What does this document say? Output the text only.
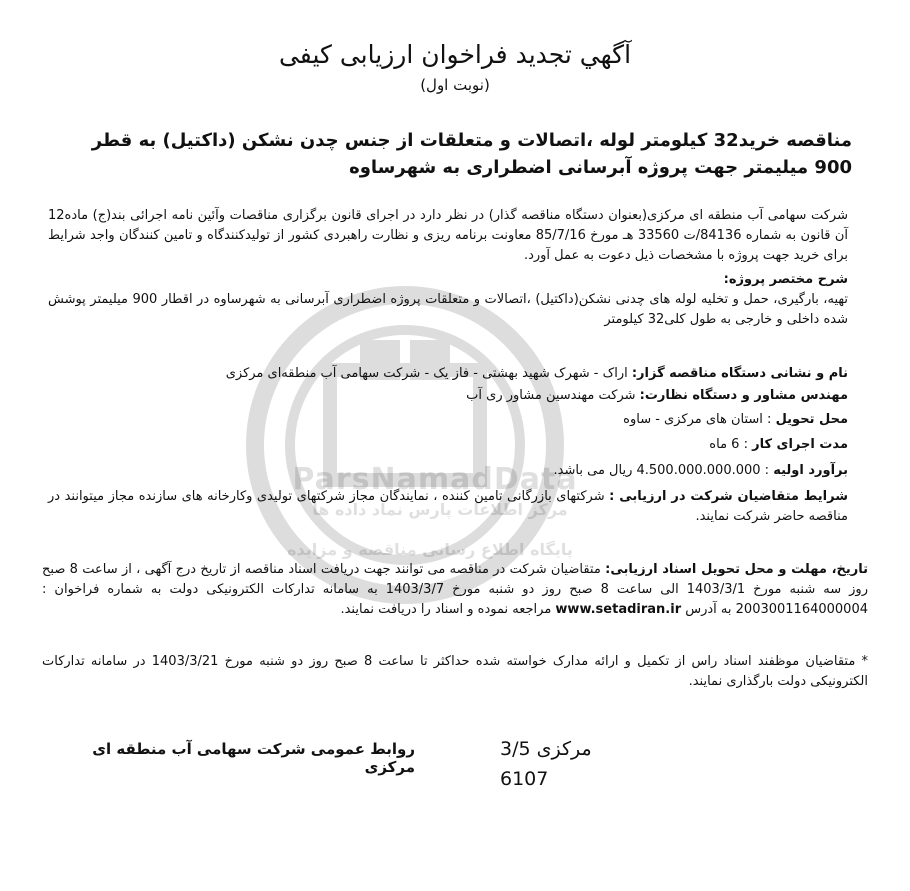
ParsNamadData
مرکز اطلاعات پارس نماد داده ها
پایگاه اطلاع رسانی مناقصه و مزایده
آگهي تجديد فراخوان ارزيابی كيفی
(نوبت اول)
مناقصه خرید32 کیلومتر لوله ،اتصالات و متعلقات از جنس چدن نشکن (داکتیل) به قطر 900 میلیمتر جهت پروژه آبرسانی اضطراری به شهرساوه
شرکت سهامی آب منطقه ای مرکزی(بعنوان دستگاه مناقصه گذار) در نظر دارد در اجرای قانون برگزاری مناقصات وآئین نامه اجرائی بند(ج) ماده12 آن قانون به شماره 84136/ت 33560 هـ مورخ 85/7/16 معاونت برنامه ریزی و نظارت راهبردی کشور از تولیدکنندگاه و تامین کنندگان واجد شرایط برای خرید جهت پروژه با مشخصات ذیل دعوت به عمل آورد.
شرح مختصر پروژه:
تهیه، بارگیری، حمل و تخلیه لوله های چدنی نشکن(داکتیل) ،اتصالات و متعلقات پروژه اضطراری آبرسانی به شهرساوه در اقطار 900 میلیمتر پوشش شده داخلی و خارجی به طول کلی32 کیلومتر
نام و نشانی دستگاه مناقصه گزار: اراک - شهرک شهید بهشتی - فاز یک - شرکت سهامی آب منطقه‌ای مرکزی
مهندس مشاور و دستگاه نظارت: شرکت مهندسین مشاور ری آب
محل تحویل : استان های مرکزی - ساوه
مدت اجرای کار : 6 ماه
برآورد اولیه : 4.500.000.000.000 ریال می باشد.
شرایط متقاضیان شرکت در ارزیابی : شرکتهای بازرگانی تامین کننده ، نمایندگان مجاز شرکتهای تولیدی وکارخانه های سازنده مجاز میتوانند در مناقصه حاضر شرکت نمایند.
تاریخ، مهلت و محل تحویل اسناد ارزیابی: متقاضیان شرکت در مناقصه می توانند جهت دریافت اسناد مناقصه از تاریخ درج آگهی ، از ساعت 8 صبح روز سه شنبه مورخ 1403/3/1 الی ساعت 8 صبح روز دو شنبه مورخ 1403/3/7 به سامانه تدارکات الکترونیکی دولت به شماره فراخوان : 2003001164000004 به آدرس www.setadiran.ir مراجعه نموده و اسناد را دریافت نمایند.
* متقاضیان موظفند اسناد راس از تکمیل و ارائه مدارک خواسته شده حداکثر تا ساعت 8 صبح روز دو شنبه مورخ 1403/3/21 در سامانه تدارکات الکترونیکی دولت بارگذاری نمایند.
روابط عمومی شرکت سهامی آب منطقه ای مرکزی
مرکزی 3/5
6107
